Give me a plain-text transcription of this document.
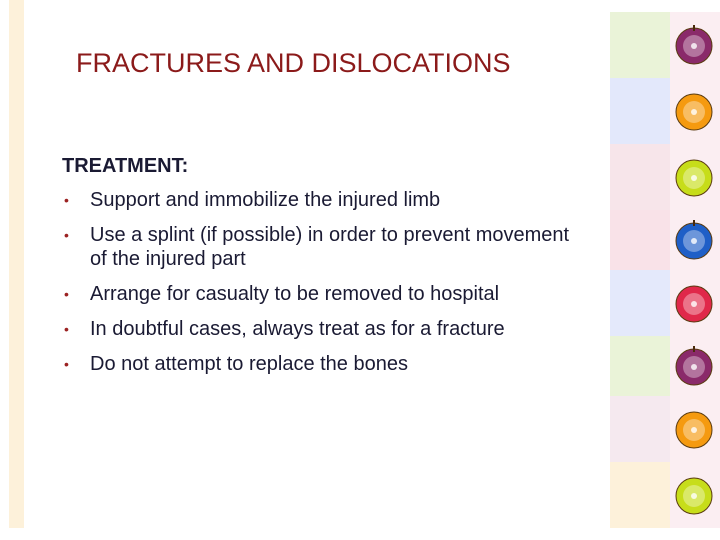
FRACTURES AND DISLOCATIONS
TREATMENT:
• Support and immobilize the injured limb
• Use a splint (if possible) in order to prevent movement of the injured part
• Arrange for casualty to be removed to hospital
• In doubtful cases, always treat as for a fracture
• Do not attempt to replace the bones
